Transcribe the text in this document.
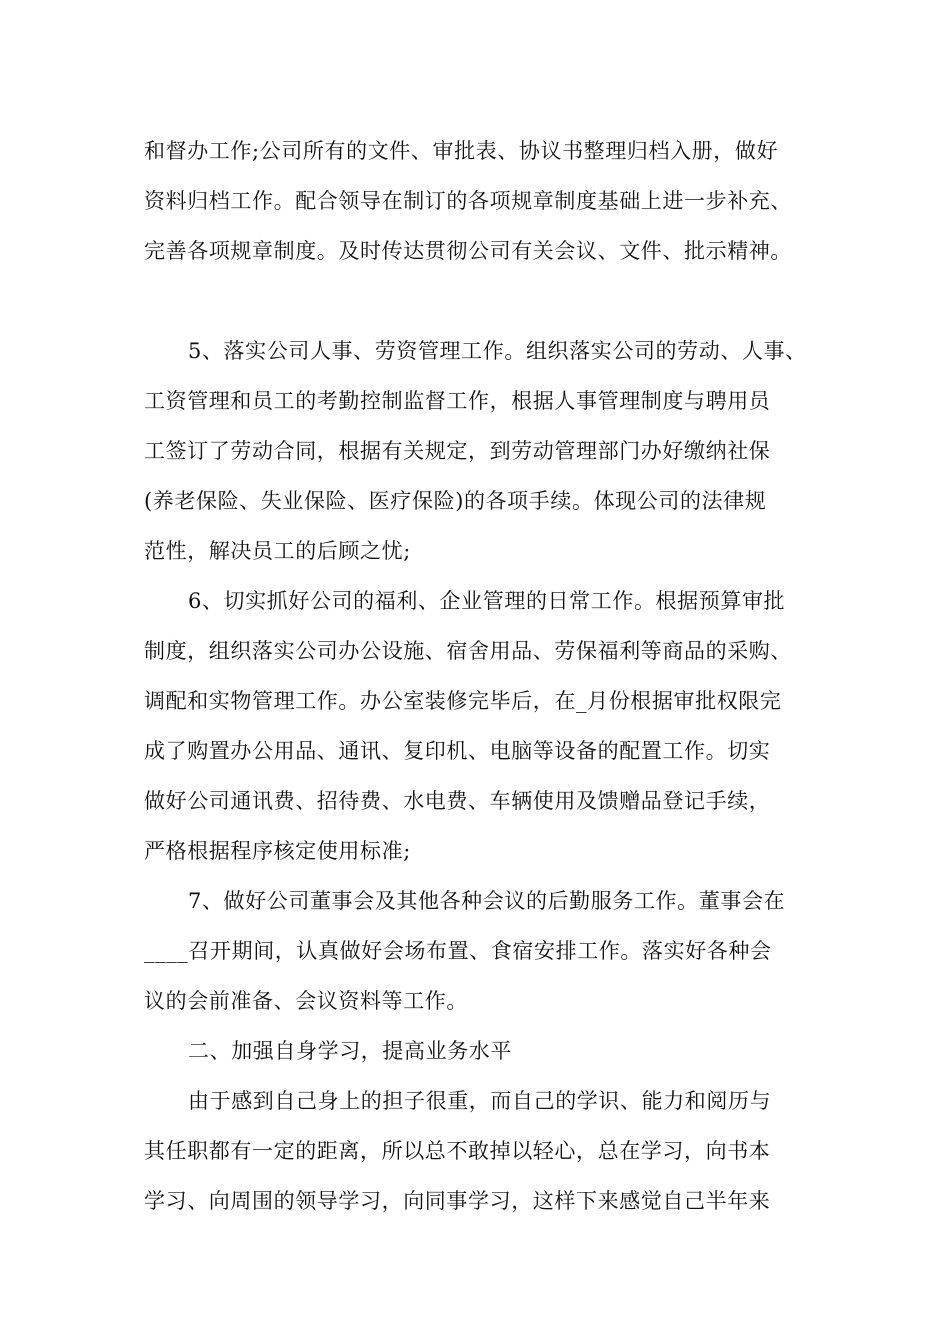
和督办工作;公司所有的文件、审批表、协议书整理归档入册，做好
资料归档工作。配合领导在制订的各项规章制度基础上进一步补充、
完善各项规章制度。及时传达贯彻公司有关会议、文件、批示精神。
5、落实公司人事、劳资管理工作。组织落实公司的劳动、人事、
工资管理和员工的考勤控制监督工作，根据人事管理制度与聘用员
工签订了劳动合同，根据有关规定，到劳动管理部门办好缴纳社保
(养老保险、失业保险、医疗保险)的各项手续。体现公司的法律规
范性，解决员工的后顾之忧;
6、切实抓好公司的福利、企业管理的日常工作。根据预算审批
制度，组织落实公司办公设施、宿舍用品、劳保福利等商品的采购、
调配和实物管理工作。办公室装修完毕后，在_月份根据审批权限完
成了购置办公用品、通讯、复印机、电脑等设备的配置工作。切实
做好公司通讯费、招待费、水电费、车辆使用及馈赠品登记手续，
严格根据程序核定使用标准;
7、做好公司董事会及其他各种会议的后勤服务工作。董事会在
____召开期间，认真做好会场布置、食宿安排工作。落实好各种会
议的会前准备、会议资料等工作。
二、加强自身学习，提高业务水平
由于感到自己身上的担子很重，而自己的学识、能力和阅历与
其任职都有一定的距离，所以总不敢掉以轻心，总在学习，向书本
学习、向周围的领导学习，向同事学习，这样下来感觉自己半年来
